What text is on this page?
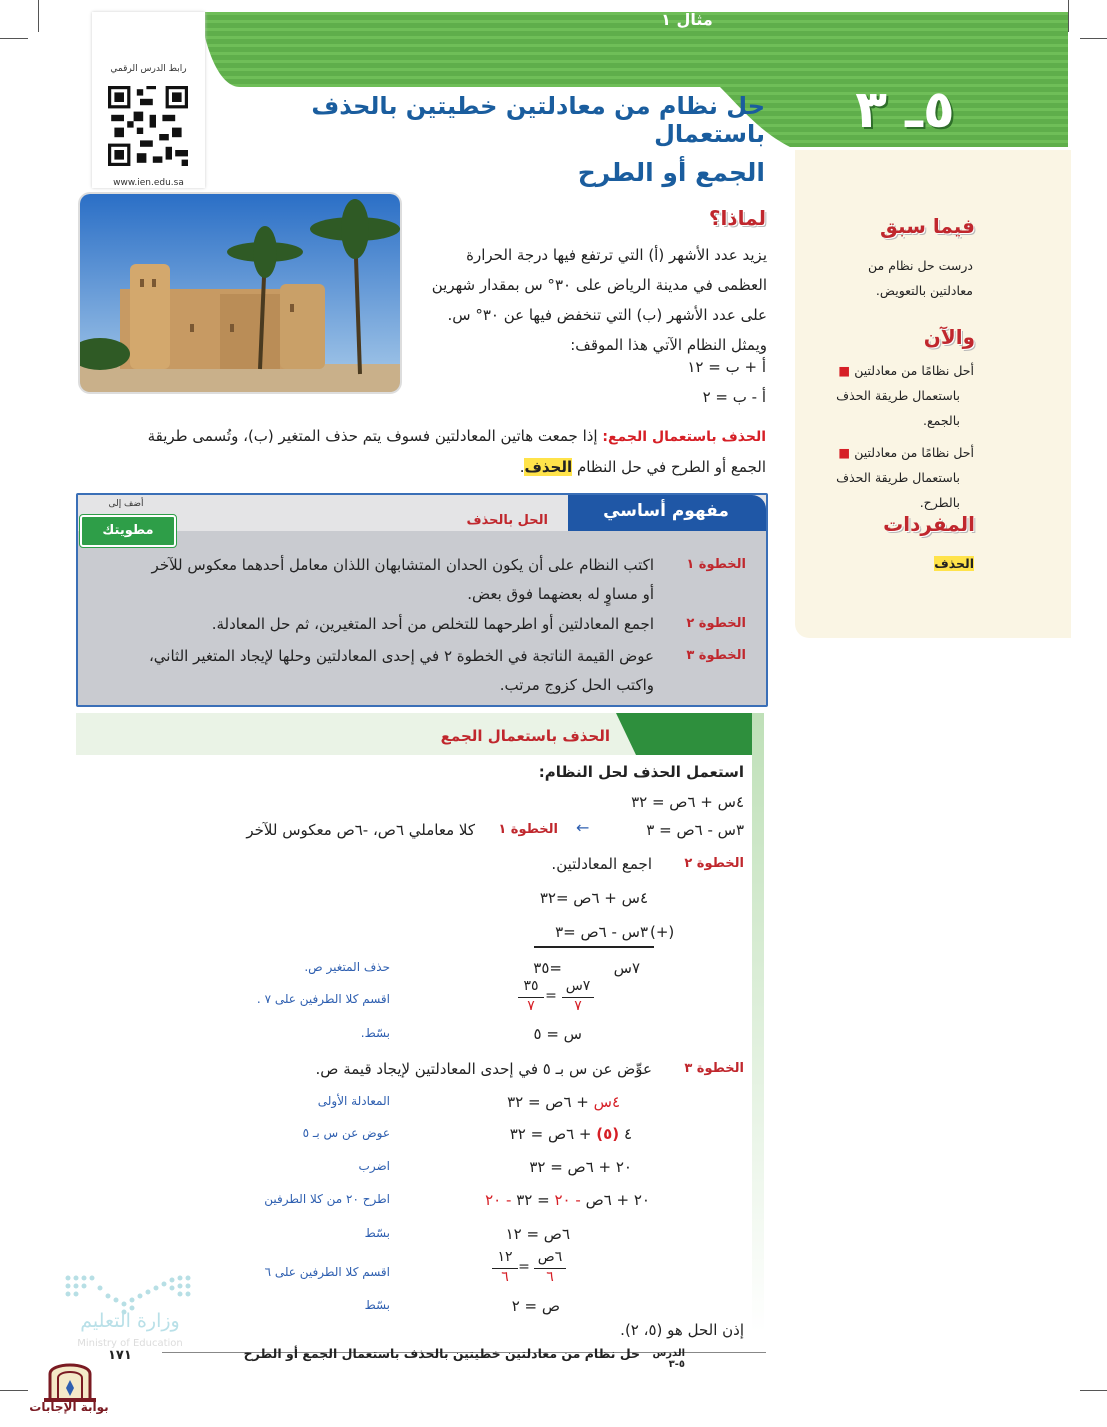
٥ـ ٣
حل نظام من معادلتين خطيتين بالحذف باستعمال
الجمع أو الطرح
رابط الدرس الرقمي
www.ien.edu.sa
فيما سبق
درست حل نظام من
معادلتين بالتعويض.
والآن
أحل نظامًا من معادلتين ■
باستعمال طريقة الحذف
بالجمع.
أحل نظامًا من معادلتين ■
باستعمال طريقة الحذف
بالطرح.
المفردات
الحذف
لماذا؟
يزيد عدد الأشهر (أ) التي ترتفع فيها درجة الحرارة
العظمى في مدينة الرياض على ٣٠° س بمقدار شهرين
على عدد الأشهر (ب) التي تنخفض فيها عن ٣٠° س.
ويمثل النظام الآتي هذا الموقف:
أ + ب = ١٢
أ - ب = ٢
الحذف باستعمال الجمع: إذا جمعت هاتين المعادلتين فسوف يتم حذف المتغير (ب)، وتُسمى طريقة
الجمع أو الطرح في حل النظام الحذف.
مفهوم أساسي
الحل بالحذف
أضف إلى
مطويتك
اكتب النظام على أن يكون الحدان المتشابهان اللذان معامل أحدهما معكوس للآخر
أو مساوٍ له بعضهما فوق بعض.
الخطوة ١
اجمع المعادلتين أو اطرحهما للتخلص من أحد المتغيرين، ثم حل المعادلة.	الخطوة ٢
عوض القيمة الناتجة في الخطوة ٢ في إحدى المعادلتين وحلها لإيجاد المتغير الثاني،
واكتب الحل كزوج مرتب.
الخطوة ٣
مثال ١
الحذف باستعمال الجمع
استعمل الحذف لحل النظام:
٤س + ٦ص = ٣٢
٣س - ٦ص = ٣
←
الخطوة ١
كلا معاملي ٦ص، -٦ص معكوس للآخر
الخطوة ٢
اجمع المعادلتين.
٤س + ٦ص =٣٢
(+)
٣س - ٦ص =٣
٧س
=٣٥
حذف المتغير ص.
٧س
٧
=
٣٥
٧
اقسم كلا الطرفين على ٧ .
س = ٥
بسّط.
الخطوة ٣
عوِّض عن س بـ ٥ في إحدى المعادلتين لإيجاد قيمة ص.
٤س + ٦ص = ٣٢
المعادلة الأولى
٤ (٥) + ٦ص = ٣٢
عوض عن س بـ ٥
٢٠ + ٦ص = ٣٢
اضرب
٢٠ + ٦ص - ٢٠ = ٣٢ - ٢٠
اطرح ٢٠ من كلا الطرفين
٦ص = ١٢
بسّط
٦ص
٦
=
١٢
٦
اقسم كلا الطرفين على ٦
ص = ٢
بسّط
إذن الحل هو (٥، ٢).
وزارة التعليم
Ministry of Education
الدرس ٥-٣
حل نظام من معادلتين خطيتين بالحذف باستعمال الجمع أو الطرح
١٧١
بوابة الإجابات
